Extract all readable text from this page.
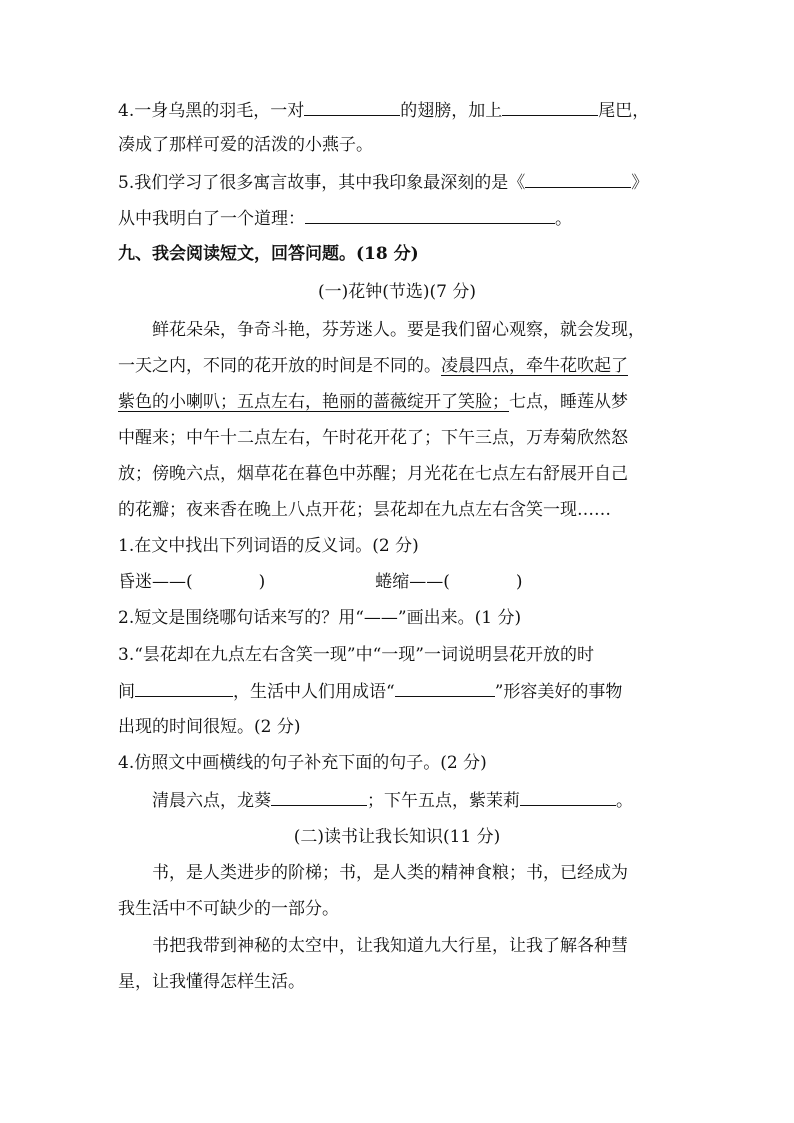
4.一身乌黑的羽毛，一对	的翅膀，加上	尾巴，
凑成了那样可爱的活泼的小燕子。
5.我们学习了很多寓言故事，其中我印象最深刻的是《	》
从中我明白了一个道理：	。
九、我会阅读短文，回答问题。(18 分)
(一)花钟(节选)(7 分)
鲜花朵朵，争奇斗艳，芬芳迷人。要是我们留心观察，就会发现，
一天之内，不同的花开放的时间是不同的。凌晨四点，牵牛花吹起了
紫色的小喇叭；五点左右，艳丽的蔷薇绽开了笑脸；七点，睡莲从梦
中醒来；中午十二点左右，午时花开花了；下午三点，万寿菊欣然怒
放；傍晚六点，烟草花在暮色中苏醒；月光花在七点左右舒展开自己
的花瓣；夜来香在晚上八点开花；昙花却在九点左右含笑一现……
1.在文中找出下列词语的反义词。(2 分)
昏迷——(	)	蜷缩——(	)
2.短文是围绕哪句话来写的？用“——”画出来。(1 分)
3.“昙花却在九点左右含笑一现”中“一现”一词说明昙花开放的时
间	，生活中人们用成语“	”形容美好的事物
出现的时间很短。(2 分)
4.仿照文中画横线的句子补充下面的句子。(2 分)
清晨六点，龙葵	；下午五点，紫茉莉	。
(二)读书让我长知识(11 分)
书，是人类进步的阶梯；书，是人类的精神食粮；书，已经成为
我生活中不可缺少的一部分。
书把我带到神秘的太空中，让我知道九大行星，让我了解各种彗
星，让我懂得怎样生活。
